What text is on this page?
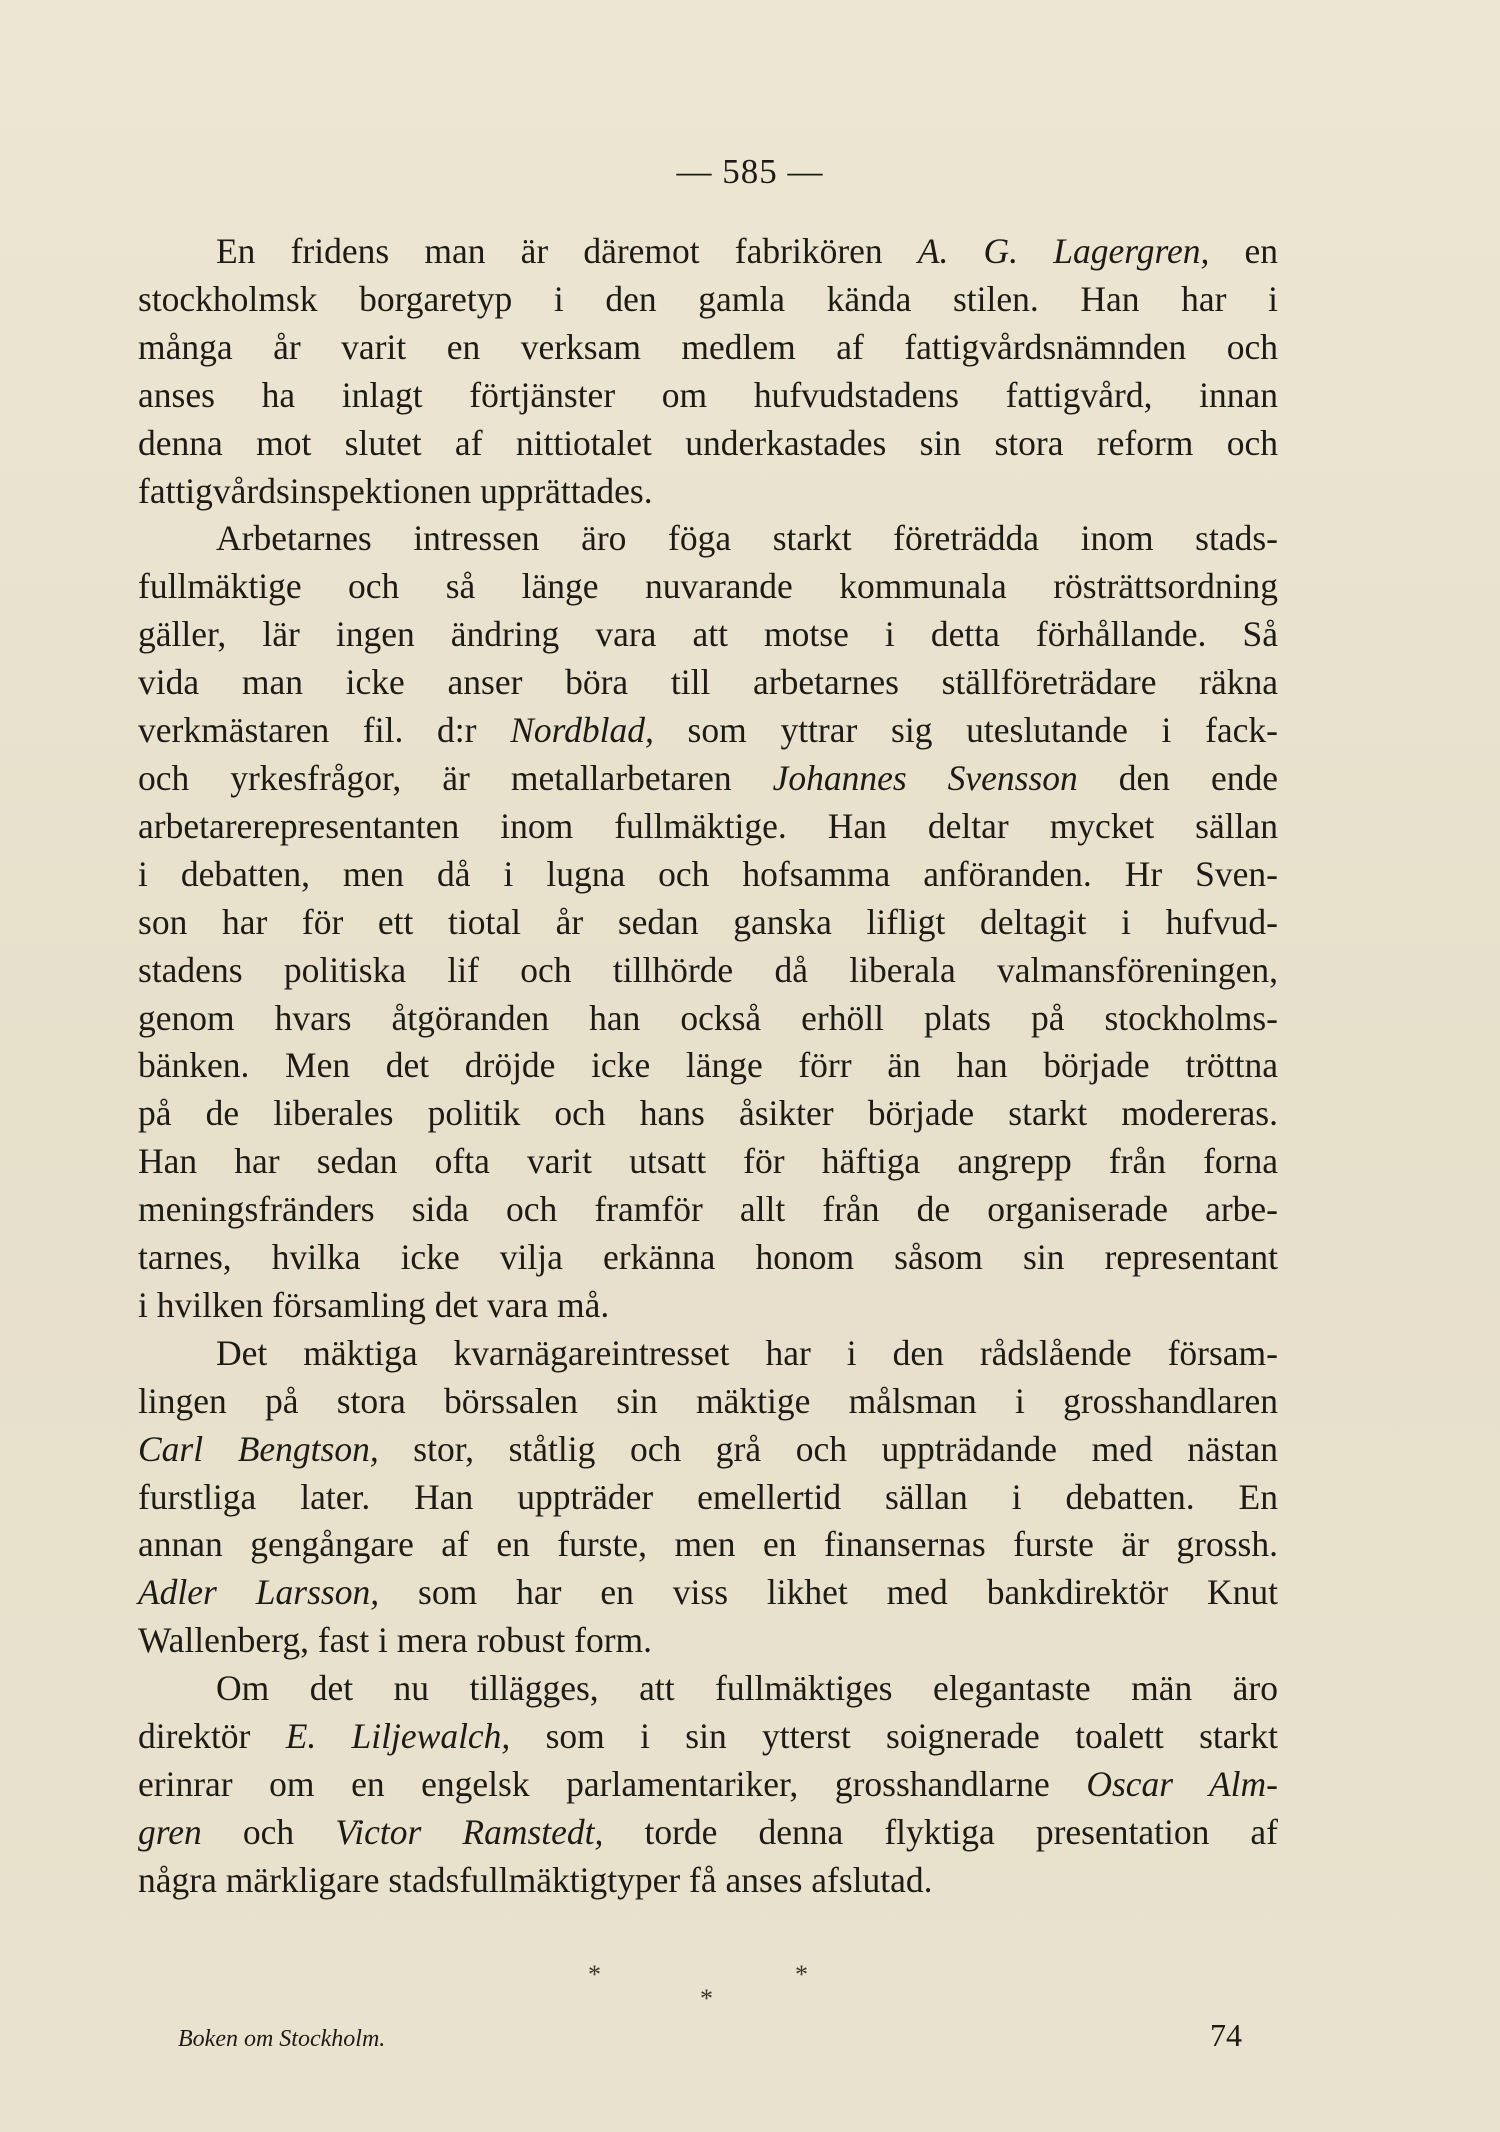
— 585 —
En fridens man är däremot fabrikören A. G. Lagergren, en
stockholmsk borgaretyp i den gamla kända stilen. Han har i
många år varit en verksam medlem af fattigvårdsnämnden och
anses ha inlagt förtjänster om hufvudstadens fattigvård, innan
denna mot slutet af nittiotalet underkastades sin stora reform och
fattigvårdsinspektionen upprättades.
Arbetarnes intressen äro föga starkt företrädda inom stads-
fullmäktige och så länge nuvarande kommunala rösträttsordning
gäller, lär ingen ändring vara att motse i detta förhållande. Så
vida man icke anser böra till arbetarnes ställföreträdare räkna
verkmästaren fil. d:r Nordblad, som yttrar sig uteslutande i fack-
och yrkesfrågor, är metallarbetaren Johannes Svensson den ende
arbetarerepresentanten inom fullmäktige. Han deltar mycket sällan
i debatten, men då i lugna och hofsamma anföranden. Hr Sven-
son har för ett tiotal år sedan ganska lifligt deltagit i hufvud-
stadens politiska lif och tillhörde då liberala valmansföreningen,
genom hvars åtgöranden han också erhöll plats på stockholms-
bänken. Men det dröjde icke länge förr än han började tröttna
på de liberales politik och hans åsikter började starkt modereras.
Han har sedan ofta varit utsatt för häftiga angrepp från forna
meningsfränders sida och framför allt från de organiserade arbe-
tarnes, hvilka icke vilja erkänna honom såsom sin representant
i hvilken församling det vara må.
Det mäktiga kvarnägareintresset har i den rådslående försam-
lingen på stora börssalen sin mäktige målsman i grosshandlaren
Carl Bengtson, stor, ståtlig och grå och uppträdande med nästan
furstliga later. Han uppträder emellertid sällan i debatten. En
annan gengångare af en furste, men en finansernas furste är grossh.
Adler Larsson, som har en viss likhet med bankdirektör Knut
Wallenberg, fast i mera robust form.
Om det nu tillägges, att fullmäktiges elegantaste män äro
direktör E. Liljewalch, som i sin ytterst soignerade toalett starkt
erinrar om en engelsk parlamentariker, grosshandlarne Oscar Alm-
gren och Victor Ramstedt, torde denna flyktiga presentation af
några märkligare stadsfullmäktigtyper få anses afslutad.
*	*
*
Boken om Stockholm.	74
